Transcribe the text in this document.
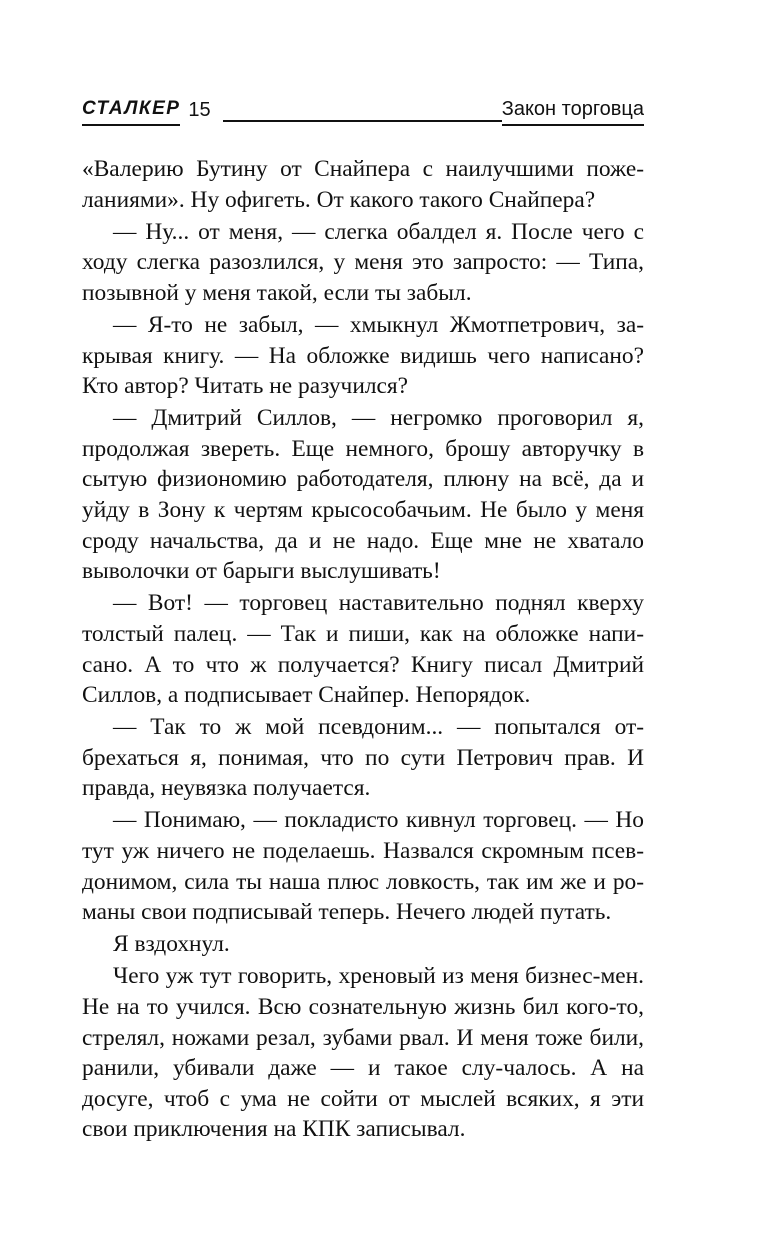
СТАЛКЕР 15	Закон торговца

«Валерию Бутину от Снайпера с наилучшими поже-ланиями». Ну офигеть. От какого такого Снайпера?

— Ну... от меня, — слегка обалдел я. После чего с ходу слегка разозлился, у меня это запросто: — Типа, позывной у меня такой, если ты забыл.

— Я-то не забыл, — хмыкнул Жмотпетрович, за-крывая книгу. — На обложке видишь чего написано? Кто автор? Читать не разучился?

— Дмитрий Силлов, — негромко проговорил я, продолжая звереть. Еще немного, брошу авторучку в сытую физиономию работодателя, плюну на всё, да и уйду в Зону к чертям крысособачьим. Не было у меня сроду начальства, да и не надо. Еще мне не хватало выволочки от барыги выслушивать!

— Вот! — торговец наставительно поднял кверху толстый палец. — Так и пиши, как на обложке напи-сано. А то что ж получается? Книгу писал Дмитрий Силлов, а подписывает Снайпер. Непорядок.

— Так то ж мой псевдоним... — попытался от-брехаться я, понимая, что по сути Петрович прав. И правда, неувязка получается.

— Понимаю, — покладисто кивнул торговец. — Но тут уж ничего не поделаешь. Назвался скромным псев-донимом, сила ты наша плюс ловкость, так им же и ро-маны свои подписывай теперь. Нечего людей путать.

Я вздохнул.

Чего уж тут говорить, хреновый из меня бизнес-мен. Не на то учился. Всю сознательную жизнь бил кого-то, стрелял, ножами резал, зубами рвал. И меня тоже били, ранили, убивали даже — и такое слу-чалось. А на досуге, чтоб с ума не сойти от мыслей всяких, я эти свои приключения на КПК записывал.
